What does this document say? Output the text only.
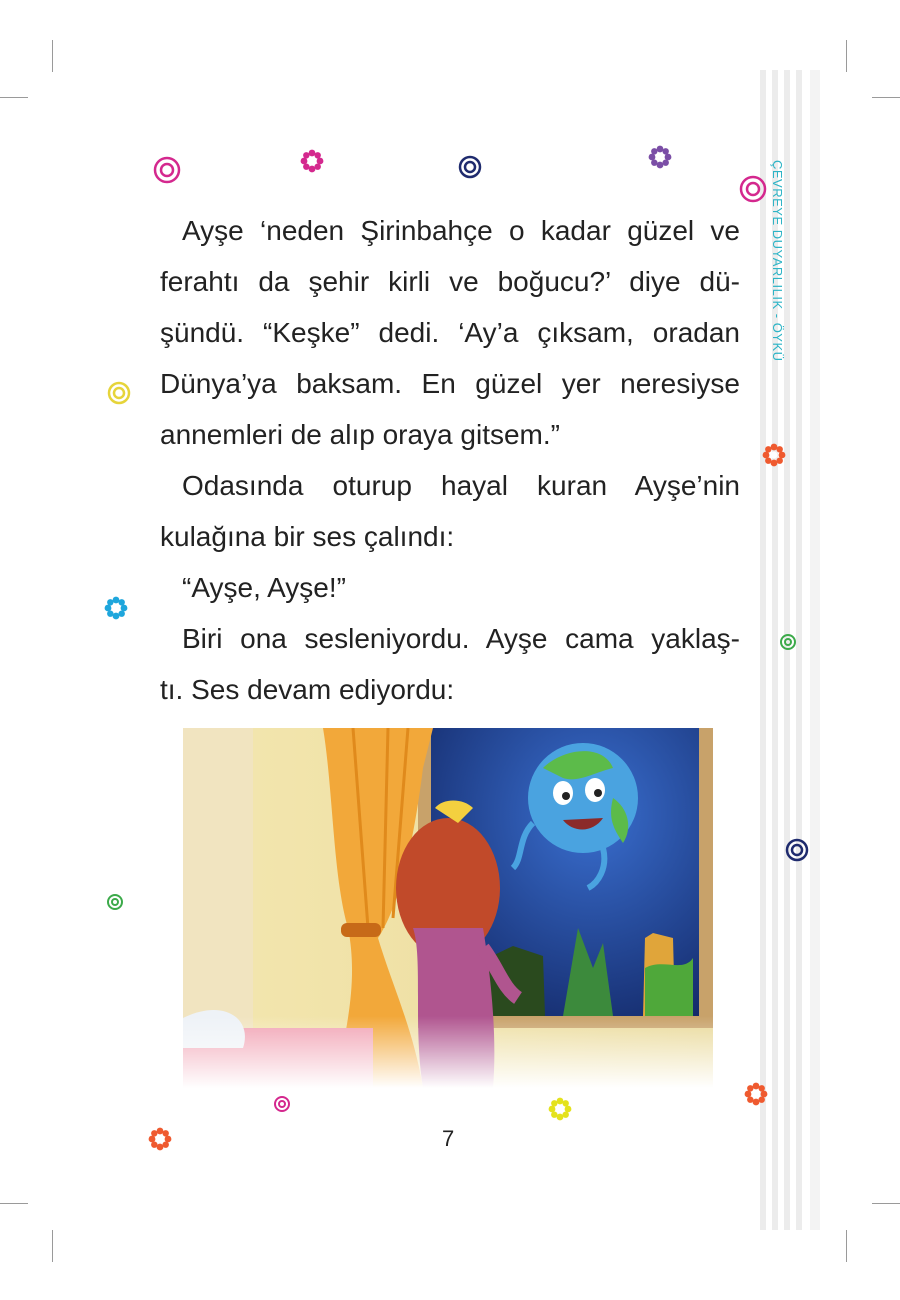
ÇEVREYE DUYARLILIK - ÖYKÜ

Ayşe ‘neden Şirinbahçe o kadar güzel ve

ferahtı da şehir kirli ve boğucu?’ diye dü-

şündü. “Keşke” dedi. ‘Ay’a çıksam, oradan

Dünya’ya baksam. En güzel yer neresiyse

annemleri de alıp oraya gitsem.”

Odasında oturup hayal kuran Ayşe’nin

kulağına bir ses çalındı:

“Ayşe, Ayşe!”

Biri ona sesleniyordu. Ayşe cama yaklaş-

tı. Ses devam ediyordu:

7
